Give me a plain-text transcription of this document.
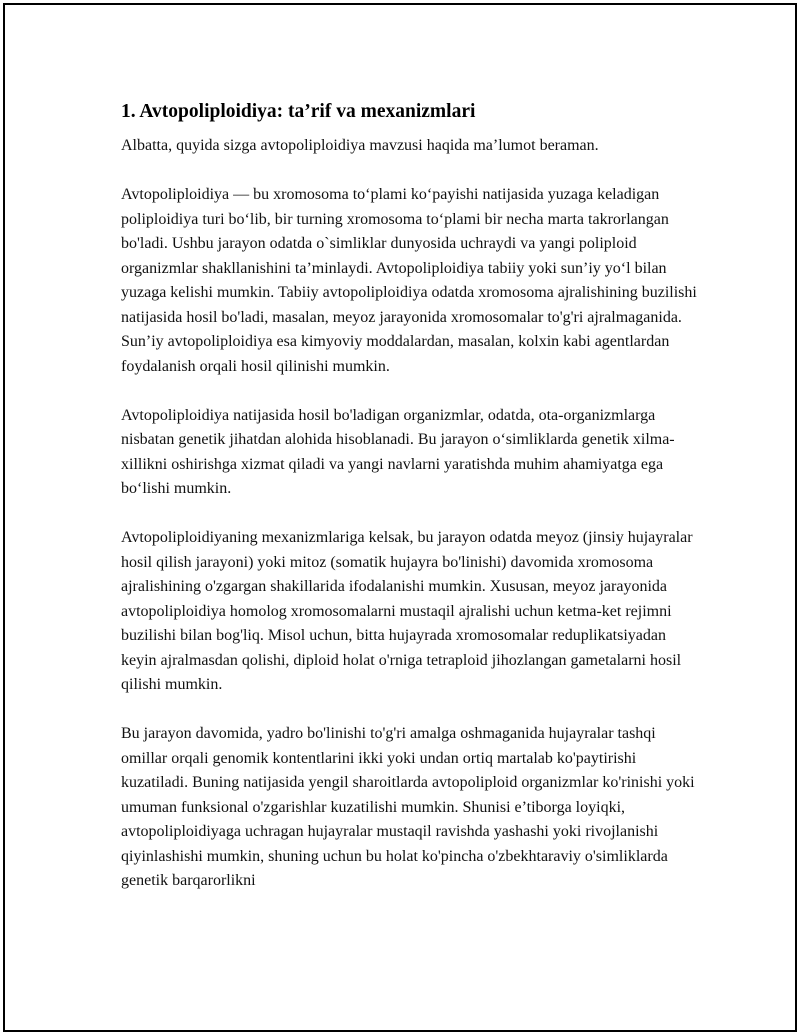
1. Avtopoliploidiya: ta’rif va mexanizmlari

Albatta, quyida sizga avtopoliploidiya mavzusi haqida ma’lumot beraman.

Avtopoliploidiya — bu xromosoma to‘plami ko‘payishi natijasida yuzaga keladigan poliploidiya turi bo‘lib, bir turning xromosoma to‘plami bir necha marta takrorlangan bo'ladi. Ushbu jarayon odatda o`simliklar dunyosida uchraydi va yangi poliploid organizmlar shakllanishini ta’minlaydi. Avtopoliploidiya tabiiy yoki sun’iy yo‘l bilan yuzaga kelishi mumkin. Tabiiy avtopoliploidiya odatda xromosoma ajralishining buzilishi natijasida hosil bo'ladi, masalan, meyoz jarayonida xromosomalar to'g'ri ajralmaganida. Sun’iy avtopoliploidiya esa kimyoviy moddalardan, masalan, kolxin kabi agentlardan foydalanish orqali hosil qilinishi mumkin.

Avtopoliploidiya natijasida hosil bo'ladigan organizmlar, odatda, ota-organizmlarga nisbatan genetik jihatdan alohida hisoblanadi. Bu jarayon o‘simliklarda genetik xilma-xillikni oshirishga xizmat qiladi va yangi navlarni yaratishda muhim ahamiyatga ega bo‘lishi mumkin.

Avtopoliploidiyaning mexanizmlariga kelsak, bu jarayon odatda meyoz (jinsiy hujayralar hosil qilish jarayoni) yoki mitoz (somatik hujayra bo'linishi) davomida xromosoma ajralishining o'zgargan shakillarida ifodalanishi mumkin. Xususan, meyoz jarayonida avtopoliploidiya homolog xromosomalarni mustaqil ajralishi uchun ketma-ket rejimni buzilishi bilan bog'liq. Misol uchun, bitta hujayrada xromosomalar reduplikatsiyadan keyin ajralmasdan qolishi, diploid holat o'rniga tetraploid jihozlangan gametalarni hosil qilishi mumkin.

Bu jarayon davomida, yadro bo'linishi to'g'ri amalga oshmaganida hujayralar tashqi omillar orqali genomik kontentlarini ikki yoki undan ortiq martalab ko'paytirishi kuzatiladi. Buning natijasida yengil sharoitlarda avtopoliploid organizmlar ko'rinishi yoki umuman funksional o'zgarishlar kuzatilishi mumkin. Shunisi e’tiborga loyiqki, avtopoliploidiyaga uchragan hujayralar mustaqil ravishda yashashi yoki rivojlanishi qiyinlashishi mumkin, shuning uchun bu holat ko'pincha o'zbekhtaraviy o'simliklarda genetik barqarorlikni
